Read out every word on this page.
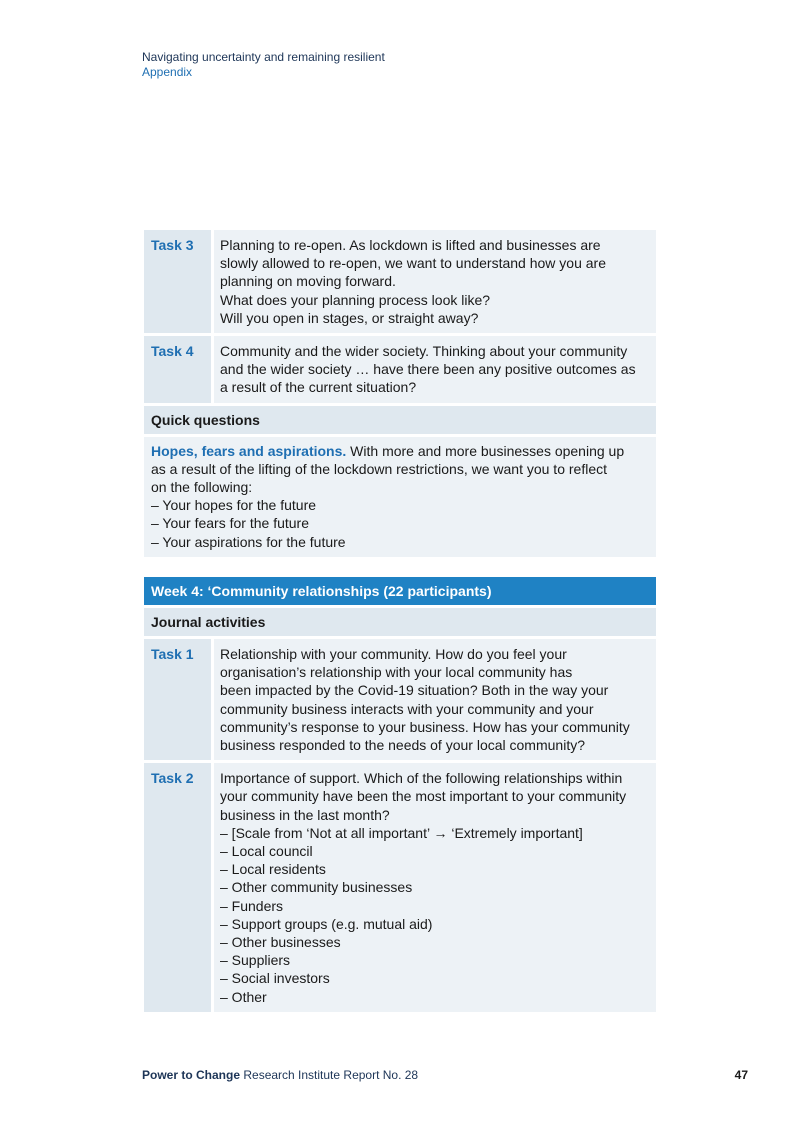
Navigating uncertainty and remaining resilient
Appendix
Task 3	Planning to re-open. As lockdown is lifted and businesses are
slowly allowed to re-open, we want to understand how you are
planning on moving forward.
What does your planning process look like?
Will you open in stages, or straight away?
Task 4	Community and the wider society. Thinking about your community
and the wider society … have there been any positive outcomes as
a result of the current situation?
Quick questions
Hopes, fears and aspirations. With more and more businesses opening up
as a result of the lifting of the lockdown restrictions, we want you to reflect
on the following:
– Your hopes for the future
– Your fears for the future
– Your aspirations for the future
Week 4: ‘Community relationships (22 participants)
Journal activities
Task 1	Relationship with your community. How do you feel your
organisation’s relationship with your local community has
been impacted by the Covid-19 situation? Both in the way your
community business interacts with your community and your
community’s response to your business. How has your community
business responded to the needs of your local community?
Task 2	Importance of support. Which of the following relationships within
your community have been the most important to your community
business in the last month?
– [Scale from ‘Not at all important’ → ‘Extremely important]
– Local council
– Local residents
– Other community businesses
– Funders
– Support groups (e.g. mutual aid)
– Other businesses
– Suppliers
– Social investors
– Other
Power to Change Research Institute Report No. 28	47
